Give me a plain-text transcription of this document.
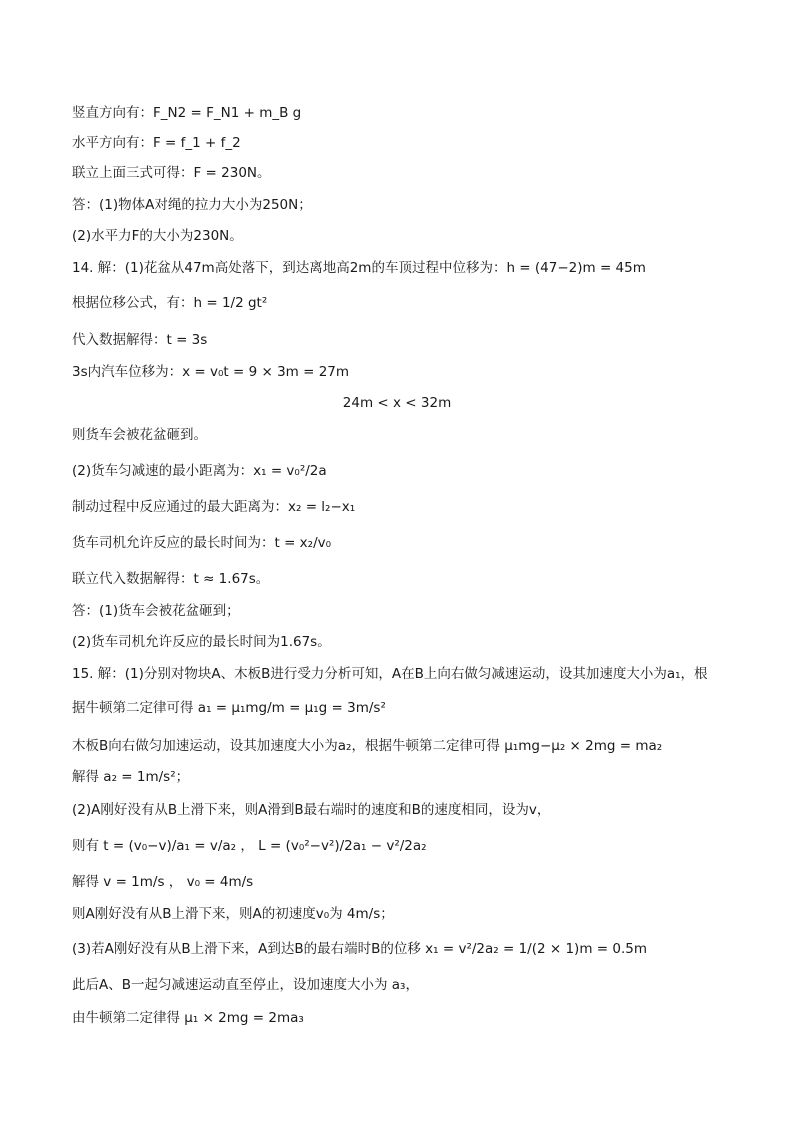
竖直方向有：F_N2 = F_N1 + m_B g
水平方向有：F = f_1 + f_2
联立上面三式可得：F = 230N。
答：(1)物体A对绳的拉力大小为250N；
(2)水平力F的大小为230N。
14. 解：(1)花盆从47m高处落下，到达离地高2m的车顶过程中位移为：h = (47−2)m = 45m
根据位移公式，有：h = 1/2 gt²
代入数据解得：t = 3s
3s内汽车位移为：x = v₀t = 9 × 3m = 27m
24m < x < 32m
则货车会被花盆砸到。
(2)货车匀减速的最小距离为：x₁ = v₀²/2a
制动过程中反应通过的最大距离为：x₂ = l₂−x₁
货车司机允许反应的最长时间为：t = x₂/v₀
联立代入数据解得：t ≈ 1.67s。
答：(1)货车会被花盆砸到；
(2)货车司机允许反应的最长时间为1.67s。
15. 解：(1)分别对物块A、木板B进行受力分析可知，A在B上向右做匀减速运动，设其加速度大小为a₁，根
据牛顿第二定律可得 a₁ = μ₁mg/m = μ₁g = 3m/s²
木板B向右做匀加速运动，设其加速度大小为a₂，根据牛顿第二定律可得 μ₁mg−μ₂ × 2mg = ma₂
解得 a₂ = 1m/s²；
(2)A刚好没有从B上滑下来，则A滑到B最右端时的速度和B的速度相同，设为v，
则有 t = (v₀−v)/a₁ = v/a₂ ， L = (v₀²−v²)/2a₁ − v²/2a₂
解得 v = 1m/s ， v₀ = 4m/s
则A刚好没有从B上滑下来，则A的初速度v₀为 4m/s；
(3)若A刚好没有从B上滑下来，A到达B的最右端时B的位移 x₁ = v²/2a₂ = 1/(2 × 1)m = 0.5m
此后A、B一起匀减速运动直至停止，设加速度大小为 a₃，
由牛顿第二定律得 μ₁ × 2mg = 2ma₃
